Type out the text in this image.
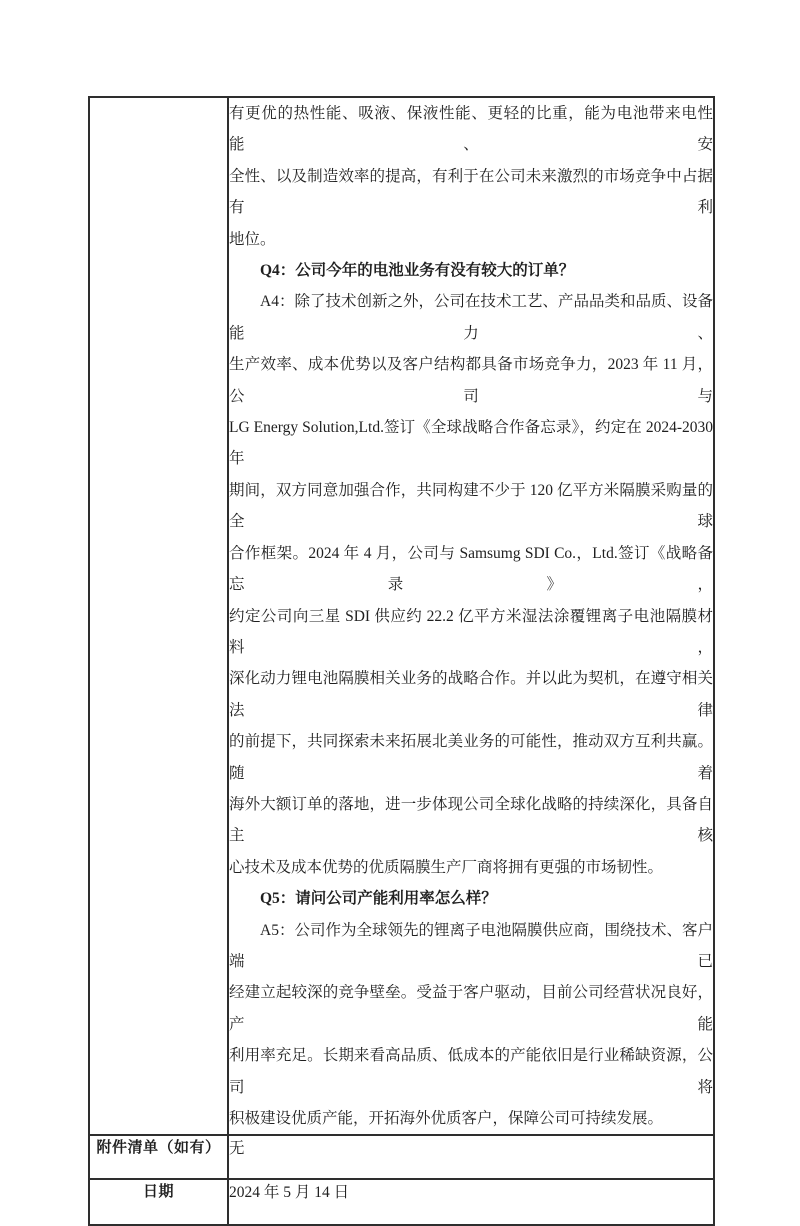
有更优的热性能、吸液、保液性能、更轻的比重，能为电池带来电性能、安
全性、以及制造效率的提高，有利于在公司未来激烈的市场竞争中占据有利
地位。
Q4：公司今年的电池业务有没有较大的订单？
A4：除了技术创新之外，公司在技术工艺、产品品类和品质、设备能力、
生产效率、成本优势以及客户结构都具备市场竞争力，2023 年 11 月，公司与
LG Energy Solution,Ltd.签订《全球战略合作备忘录》，约定在 2024-2030 年
期间，双方同意加强合作，共同构建不少于 120 亿平方米隔膜采购量的全球
合作框架。2024 年 4 月，公司与 Samsumg SDI Co.，Ltd.签订《战略备忘录》，
约定公司向三星 SDI 供应约 22.2 亿平方米湿法涂覆锂离子电池隔膜材料，
深化动力锂电池隔膜相关业务的战略合作。并以此为契机，在遵守相关法律
的前提下，共同探索未来拓展北美业务的可能性，推动双方互利共赢。随着
海外大额订单的落地，进一步体现公司全球化战略的持续深化，具备自主核
心技术及成本优势的优质隔膜生产厂商将拥有更强的市场韧性。
Q5：请问公司产能利用率怎么样？
A5：公司作为全球领先的锂离子电池隔膜供应商，围绕技术、客户端已
经建立起较深的竞争壁垒。受益于客户驱动，目前公司经营状况良好，产能
利用率充足。长期来看高品质、低成本的产能依旧是行业稀缺资源，公司将
积极建设优质产能，开拓海外优质客户，保障公司可持续发展。

附件清单（如有）	无
日期	2024 年 5 月 14 日
